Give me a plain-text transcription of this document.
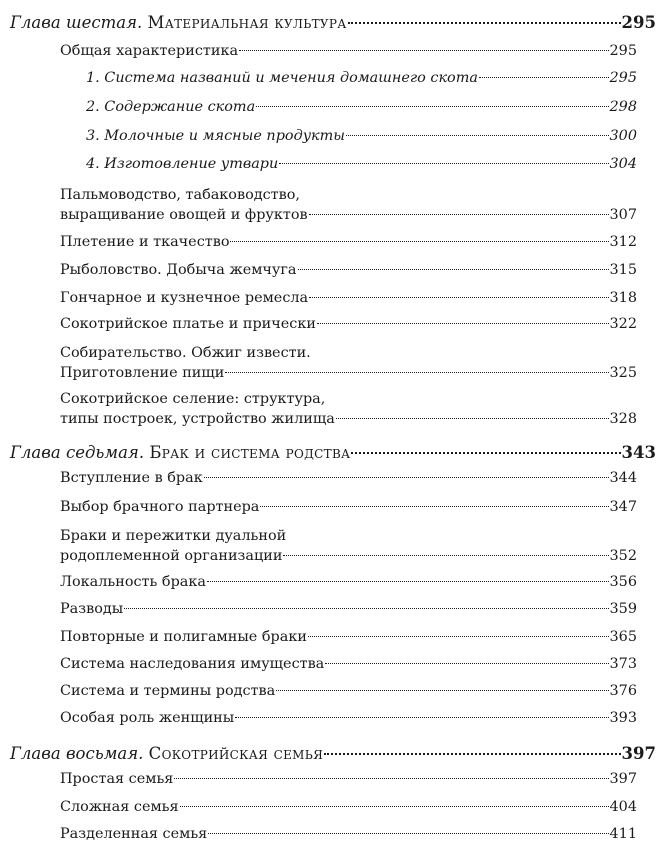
Глава шестая.
Материальная культура	295
Общая характеристика	295
1. Система названий и мечения домашнего скота	295
2. Содержание скота	298
3. Молочные и мясные продукты	300
4. Изготовление утвари	304
Пальмоводство, табаководство,
выращивание овощей и фруктов	307
Плетение и ткачество	312
Рыболовство. Добыча жемчуга	315
Гончарное и кузнечное ремесла	318
Сокотрийское платье и прически	322
Собирательство. Обжиг извести.
Приготовление пищи	325
Сокотрийское селение: структура,
типы построек, устройство жилища	328
Глава седьмая.
Брак и система родства	343
Вступление в брак	344
Выбор брачного партнера	347
Браки и пережитки дуальной
родоплеменной организации	352
Локальность брака	356
Разводы	359
Повторные и полигамные браки	365
Система наследования имущества	373
Система и термины родства	376
Особая роль женщины	393
Глава восьмая.
Сокотрийская семья	397
Простая семья	397
Сложная семья	404
Разделенная семья	411
